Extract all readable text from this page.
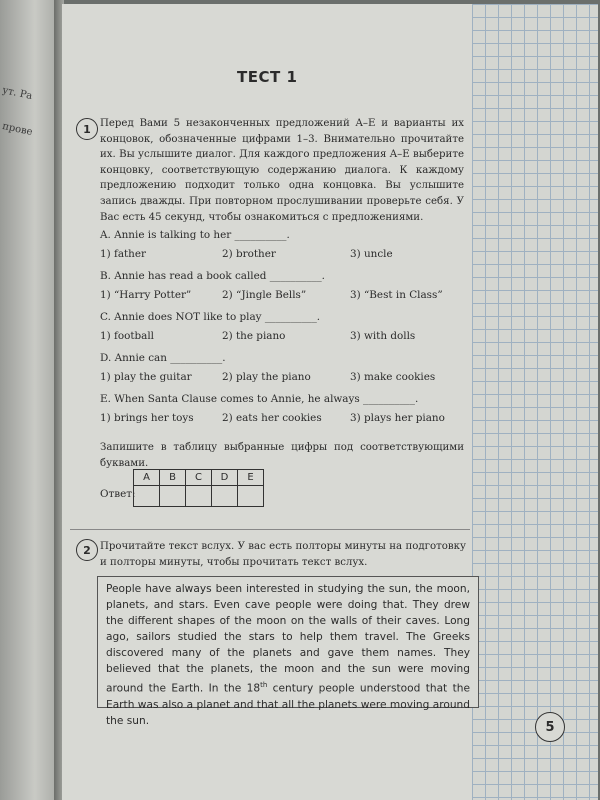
ут. Ра
прове
ТЕСТ 1
1 Перед Вами 5 незаконченных предложений A–E и варианты их концовок, обозначенные цифрами 1–3. Внимательно прочитайте их. Вы услышите диалог. Для каждого предложения A–E выберите концовку, соответствующую содержанию диалога. К каждому предложению подходит только одна концовка. Вы услышите запись дважды. При повторном прослушивании проверьте себя. У Вас есть 45 секунд, чтобы ознакомиться с предложениями.
A. Annie is talking to her __________.
1) father	2) brother	3) uncle
B. Annie has read a book called __________.
1) “Harry Potter”	2) “Jingle Bells”	3) “Best in Class”
C. Annie does NOT like to play __________.
1) football	2) the piano	3) with dolls
D. Annie can __________.
1) play the guitar	2) play the piano	3) make cookies
E. When Santa Clause comes to Annie, he always __________.
1) brings her toys	2) eats her cookies	3) plays her piano
Запишите в таблицу выбранные цифры под соответствующими буквами.
Ответ:
A	B	C	D	E

2 Прочитайте текст вслух. У вас есть полторы минуты на подготовку и полторы минуты, чтобы прочитать текст вслух.
People have always been interested in studying the sun, the moon, planets, and stars. Even cave people were doing that. They drew the different shapes of the moon on the walls of their caves. Long ago, sailors studied the stars to help them travel. The Greeks discovered many of the planets and gave them names. They believed that the planets, the moon and the sun were moving around the Earth. In the 18th century people understood that the Earth was also a planet and that all the planets were moving around the sun.	5
